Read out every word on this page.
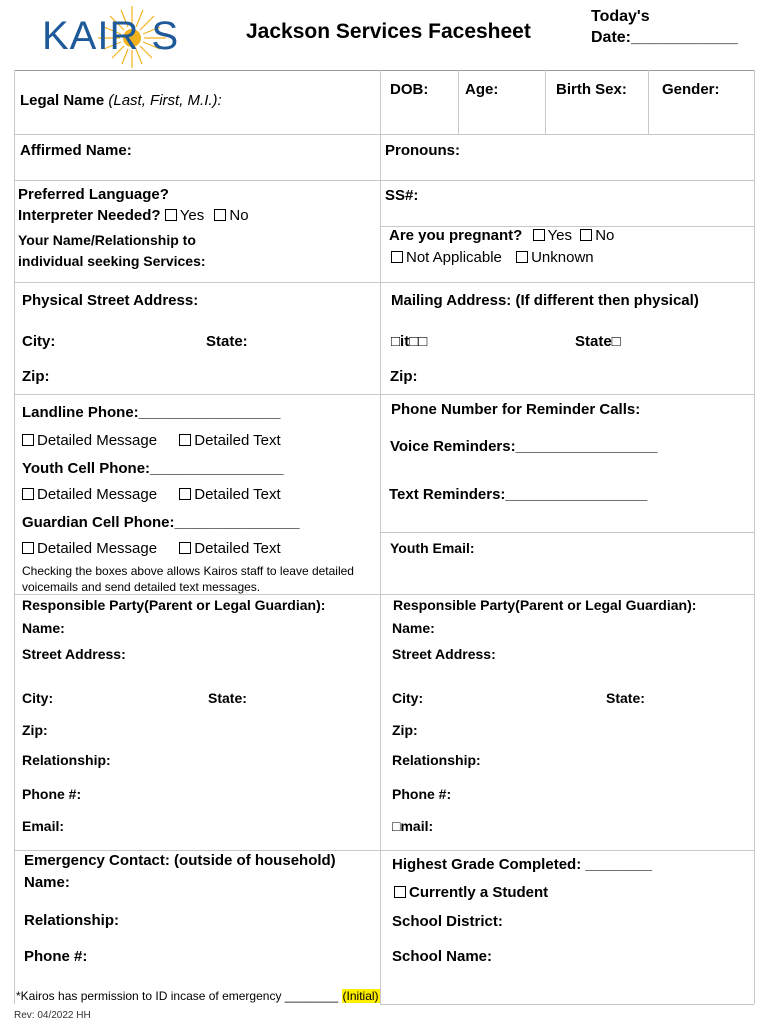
KAIR S	Jackson Services Facesheet
Today's
Date:____________
Legal Name (Last, First, M.I.):
Affirmed Name:
Preferred Language?
Interpreter Needed? Yes No
Your Name/Relationship to
individual seeking Services:
Physical Street Address:
City:	State:
Zip:
Landline Phone:_________________
Detailed Message Detailed Text
Youth Cell Phone:________________
Detailed Message Detailed Text
Guardian Cell Phone:_______________
Detailed Message Detailed Text
Checking the boxes above allows Kairos staff to leave detailed
voicemails and send detailed text messages.
Responsible Party(Parent or Legal Guardian):
Name:
Street Address:
City:	State:
Zip:
Relationship:
Phone #:
Email:
Emergency Contact: (outside of household)
Name:
Relationship:
Phone #:
*Kairos has permission to ID incase of emergency ________ (Initial)
DOB: Age:	Birth Sex: Gender:
Pronouns:
SS#:
Are you pregnant? Yes No
Not Applicable Unknown
Mailing Address: (If different then physical)
□it□□	State□
Zip:
Phone Number for Reminder Calls:
Voice Reminders:_________________
Text Reminders:_________________
Youth Email:
Responsible Party(Parent or Legal Guardian):
Name:
Street Address:
City:	State:
Zip:
Relationship:
Phone #:
□mail:
Highest Grade Completed: ________
Currently a Student
School District:
School Name:
Rev: 04/2022 HH
